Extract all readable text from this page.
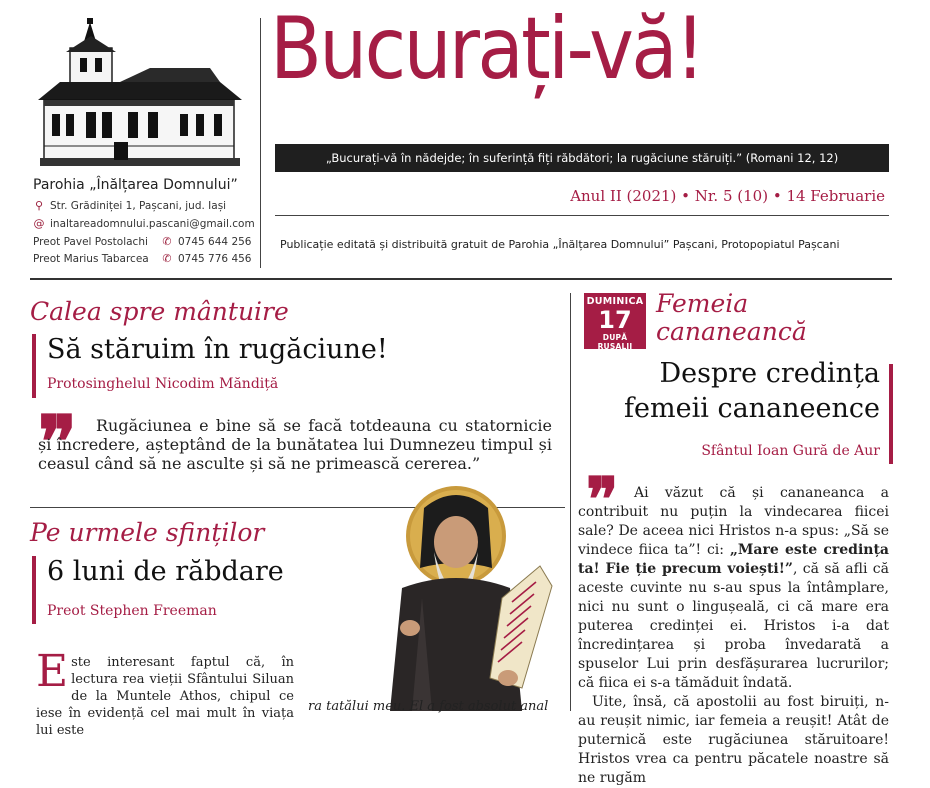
Parohia „Înălțarea Domnului”
⚲ Str. Grădiniței 1, Pașcani, jud. Iași
@ inaltareadomnului.pascani@gmail.com
Preot Pavel Postolachi	✆ 0745 644 256
Preot Marius Tabarcea	✆ 0745 776 456
Bucurați-vă!
„Bucurați-vă în nădejde; în suferință fiți răbdători; la rugăciune stăruiți.” (Romani 12, 12)
Anul II (2021) • Nr. 5 (10) • 14 Februarie
Publicație editată și distribuită gratuit de Parohia „Înălțarea Domnului” Pașcani, Protopopiatul Pașcani
Calea spre mântuire
Să stăruim în rugăciune!
Protosinghelul Nicodim Măndiță
❞	Rugăciunea e bine să se facă totdeauna cu statornicie și încredere, așteptând de la bunătatea lui Dumnezeu timpul și ceasul când să ne asculte și să ne primească cererea.”
Pe urmele sfinților
6 luni de răbdare
Preot Stephen Freeman
Este interesant faptul că, în lectura rea vieții Sfântului Siluan de la Muntele Athos, chipul ce iese în evidență cel mai mult în viața lui este
ra tatălui meu. El a fost absolut anal
DUMINICA
17
DUPĂ RUSALII
Femeia
cananeancă
Despre credința
femeii cananeence
Sfântul Ioan Gură de Aur
❞	Ai văzut că și cananeanca a contribuit nu puțin la vindecarea fiicei sale? De aceea nici Hristos n-a spus: „Să se vindece fiica ta”! ci: „Mare este credința ta! Fie ție precum voiești!”, că să afli că aceste cuvinte nu s-au spus la întâmplare, nici nu sunt o lingușeală, ci că mare era puterea credinței ei. Hristos i-a dat încredințarea și proba învedarată a spuselor Lui prin desfășurarea lucrurilor; că fiica ei s-a tămăduit îndată.

Uite, însă, că apostolii au fost biruiți, n-au reușit nimic, iar femeia a reușit! Atât de puternică este rugăciunea stăruitoare! Hristos vrea ca pentru păcatele noastre să ne rugăm
